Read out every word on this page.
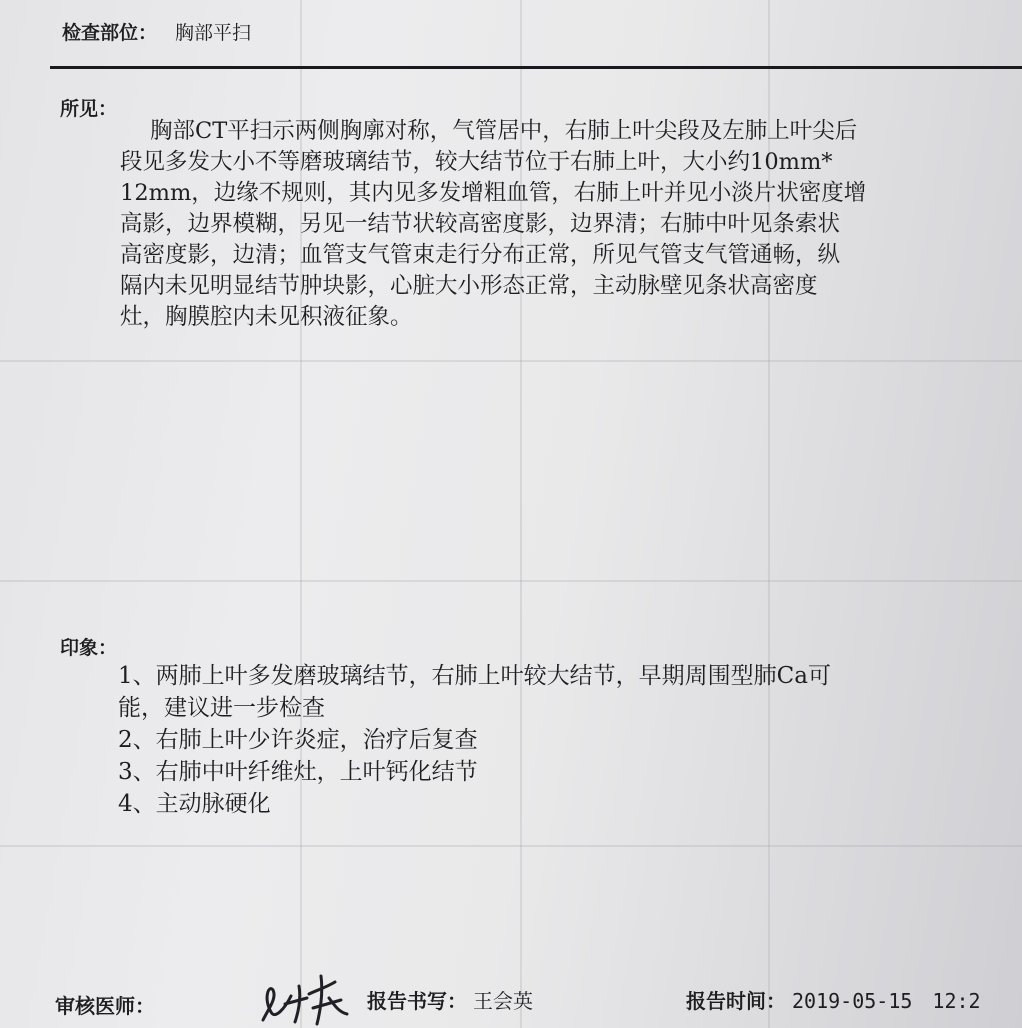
检查部位： 胸部平扫
所见：
胸部CT平扫示两侧胸廓对称，气管居中，右肺上叶尖段及左肺上叶尖后
段见多发大小不等磨玻璃结节，较大结节位于右肺上叶，大小约10mm*
12mm，边缘不规则，其内见多发增粗血管，右肺上叶并见小淡片状密度增
高影，边界模糊，另见一结节状较高密度影，边界清；右肺中叶见条索状
高密度影，边清；血管支气管束走行分布正常，所见气管支气管通畅，纵
隔内未见明显结节肿块影，心脏大小形态正常，主动脉壁见条状高密度
灶，胸膜腔内未见积液征象。
印象：
1、两肺上叶多发磨玻璃结节，右肺上叶较大结节，早期周围型肺Ca可
能，建议进一步检查
2、右肺上叶少许炎症，治疗后复查
3、右肺中叶纤维灶，上叶钙化结节
4、主动脉硬化
审核医师：	报告书写： 王会英	报告时间： 2019-05-15　12:2
